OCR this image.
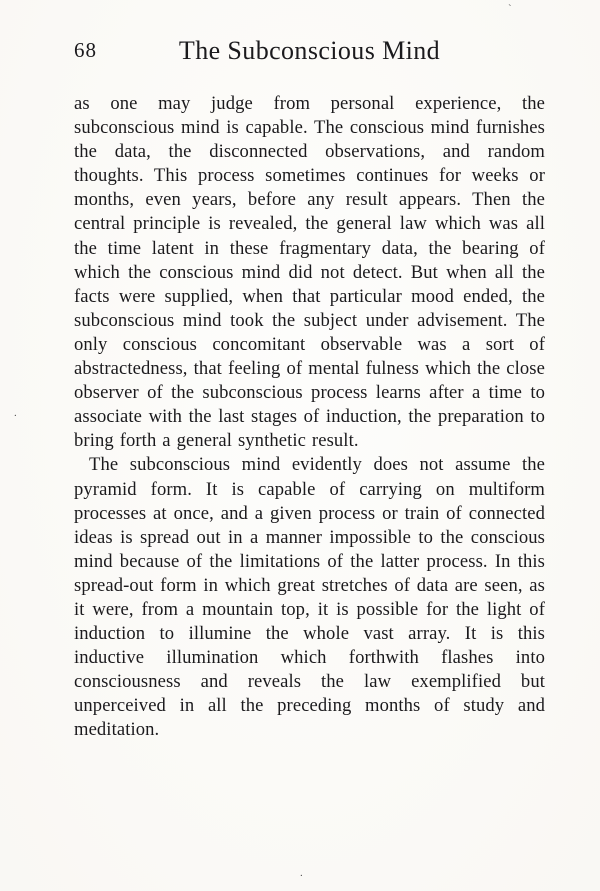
ˋ
.
.
68	The Subconscious Mind

as one may judge from personal experience, the subconscious mind is capable. The conscious mind furnishes the data, the disconnected observations, and random thoughts. This process sometimes continues for weeks or months, even years, before any result appears. Then the central principle is revealed, the general law which was all the time latent in these fragmentary data, the bearing of which the conscious mind did not detect. But when all the facts were supplied, when that particular mood ended, the subconscious mind took the subject under advisement. The only conscious concomitant observable was a sort of abstractedness, that feeling of mental fulness which the close observer of the subconscious process learns after a time to associate with the last stages of induction, the preparation to bring forth a general synthetic result.

The subconscious mind evidently does not assume the pyramid form. It is capable of carrying on multiform processes at once, and a given process or train of connected ideas is spread out in a manner impossible to the conscious mind because of the limitations of the latter process. In this spread-out form in which great stretches of data are seen, as it were, from a mountain top, it is possible for the light of induction to illumine the whole vast array. It is this inductive illumination which forthwith flashes into consciousness and reveals the law exemplified but unperceived in all the preceding months of study and meditation.
